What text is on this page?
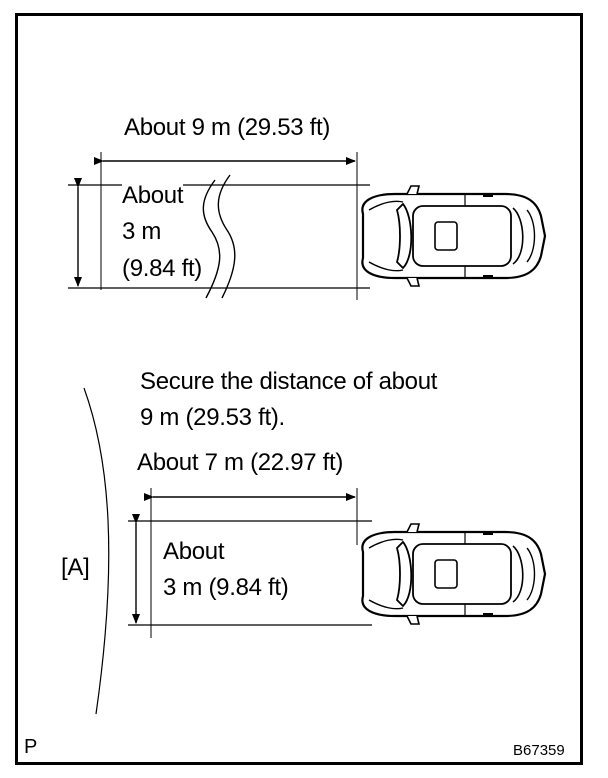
About 9 m (29.53 ft)
About
3 m
(9.84 ft)
Secure the distance of about
9 m (29.53 ft).
About 7 m (22.97 ft)
About
3 m (9.84 ft)
[A]
P	B67359
